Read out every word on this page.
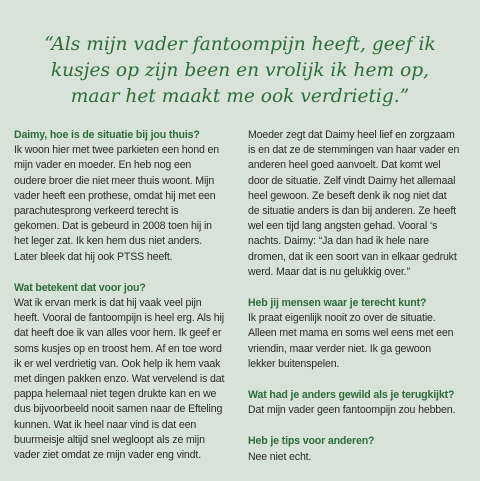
“Als mijn vader fantoompijn heeft, geef ik kusjes op zijn been en vrolijk ik hem op, maar het maakt me ook verdrietig.”

Daimy, hoe is de situatie bij jou thuis?

Ik woon hier met twee parkieten een hond en mijn vader en moeder. En heb nog een oudere broer die niet meer thuis woont. Mijn vader heeft een prothese, omdat hij met een parachutesprong verkeerd terecht is gekomen. Dat is gebeurd in 2008 toen hij in het leger zat. Ik ken hem dus niet anders. Later bleek dat hij ook PTSS heeft.

Wat betekent dat voor jou?

Wat ik ervan merk is dat hij vaak veel pijn heeft. Vooral de fantoompijn is heel erg. Als hij dat heeft doe ik van alles voor hem. Ik geef er soms kusjes op en troost hem. Af en toe word ik er wel verdrietig van. Ook help ik hem vaak met dingen pakken enzo. Wat vervelend is dat pappa helemaal niet tegen drukte kan en we dus bijvoorbeeld nooit samen naar de Efteling kunnen. Wat ik heel naar vind is dat een buurmeisje altijd snel wegloopt als ze mijn vader ziet omdat ze mijn vader eng vindt.

Moeder zegt dat Daimy heel lief en zorgzaam is en dat ze de stemmingen van haar vader en anderen heel goed aanvoelt. Dat komt wel door de situatie. Zelf vindt Daimy het allemaal heel gewoon. Ze beseft denk ik nog niet dat de situatie anders is dan bij anderen. Ze heeft wel een tijd lang angsten gehad. Vooral ‘s nachts. Daimy: “Ja dan had ik hele nare dromen, dat ik een soort van in elkaar gedrukt werd. Maar dat is nu gelukkig over.”

Heb jij mensen waar je terecht kunt?

Ik praat eigenlijk nooit zo over de situatie. Alleen met mama en soms wel eens met een vriendin, maar verder niet. Ik ga gewoon lekker buitenspelen.

Wat had je anders gewild als je terugkijkt?

Dat mijn vader geen fantoompijn zou hebben.

Heb je tips voor anderen?

Nee niet echt.
